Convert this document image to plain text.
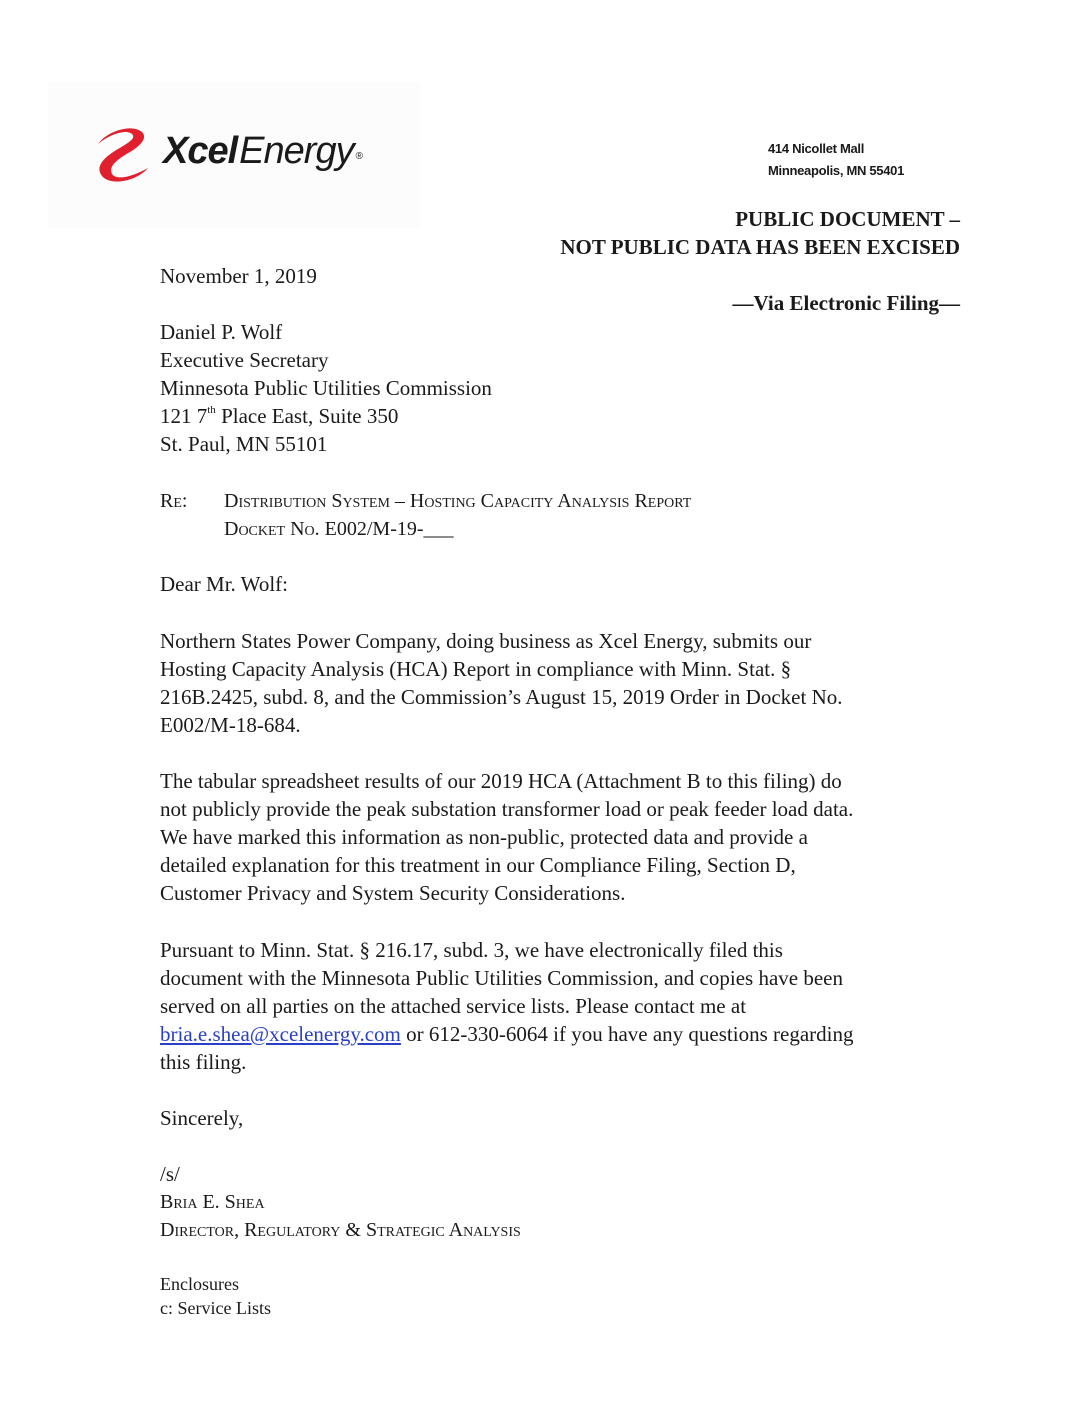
XcelEnergy ®
414 Nicollet Mall
Minneapolis, MN 55401
PUBLIC DOCUMENT –
NOT PUBLIC DATA HAS BEEN EXCISED
November 1, 2019
—Via Electronic Filing—
Daniel P. Wolf
Executive Secretary
Minnesota Public Utilities Commission
121 7th Place East, Suite 350
St. Paul, MN 55101
Re: Distribution System – Hosting Capacity Analysis Report
Docket No. E002/M-19-___
Dear Mr. Wolf:
Northern States Power Company, doing business as Xcel Energy, submits our
Hosting Capacity Analysis (HCA) Report in compliance with Minn. Stat. §
216B.2425, subd. 8, and the Commission’s August 15, 2019 Order in Docket No.
E002/M-18-684.
The tabular spreadsheet results of our 2019 HCA (Attachment B to this filing) do
not publicly provide the peak substation transformer load or peak feeder load data.
We have marked this information as non-public, protected data and provide a
detailed explanation for this treatment in our Compliance Filing, Section D,
Customer Privacy and System Security Considerations.
Pursuant to Minn. Stat. § 216.17, subd. 3, we have electronically filed this
document with the Minnesota Public Utilities Commission, and copies have been
served on all parties on the attached service lists. Please contact me at
bria.e.shea@xcelenergy.com or 612-330-6064 if you have any questions regarding
this filing.
Sincerely,
/s/
Bria E. Shea
Director, Regulatory & Strategic Analysis
Enclosures
c: Service Lists
